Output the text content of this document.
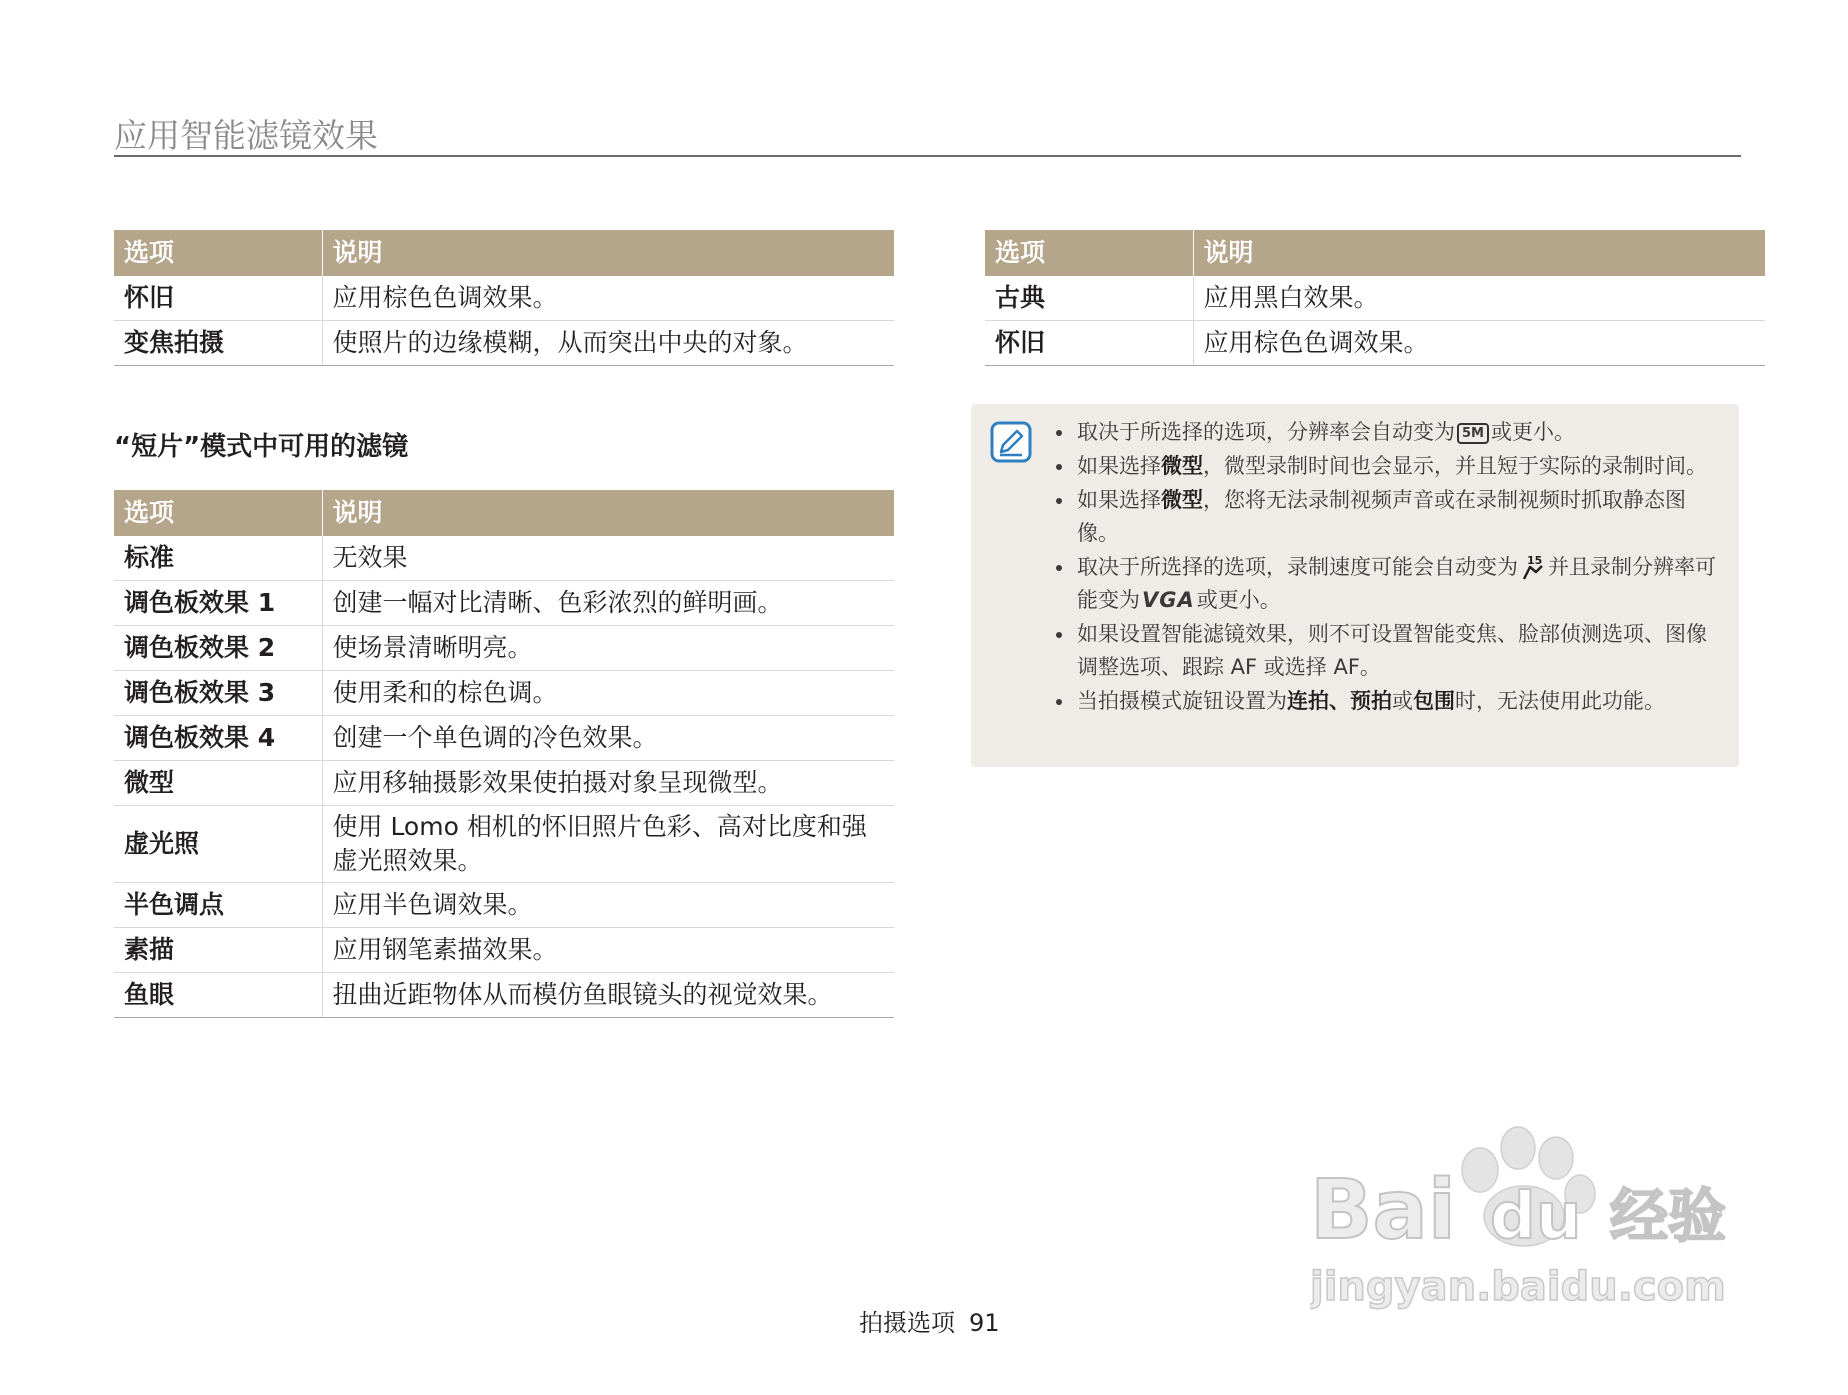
应用智能滤镜效果
选项	说明
怀旧	应用棕色色调效果。
变焦拍摄	使照片的边缘模糊，从而突出中央的对象。
选项	说明
古典	应用黑白效果。
怀旧	应用棕色色调效果。
“短片”模式中可用的滤镜
选项	说明
标准	无效果
调色板效果 1	创建一幅对比清晰、色彩浓烈的鲜明画。
调色板效果 2	使场景清晰明亮。
调色板效果 3	使用柔和的棕色调。
调色板效果 4	创建一个单色调的冷色效果。
微型	应用移轴摄影效果使拍摄对象呈现微型。
虚光照	使用 Lomo 相机的怀旧照片色彩、高对比度和强虚光照效果。
半色调点	应用半色调效果。
素描	应用钢笔素描效果。
鱼眼	扭曲近距物体从而模仿鱼眼镜头的视觉效果。
取决于所选择的选项，分辨率会自动变为 5M 或更小。
如果选择微型，微型录制时间也会显示，并且短于实际的录制时间。
如果选择微型，您将无法录制视频声音或在录制视频时抓取静态图像。
取决于所选择的选项，录制速度可能会自动变为 15 并且录制分辨率可能变为VGA或更小。
如果设置智能滤镜效果，则不可设置智能变焦、脸部侦测选项、图像调整选项、跟踪 AF 或选择 AF。
当拍摄模式旋钮设置为连拍、预拍或包围时，无法使用此功能。
拍摄选项 91
Bai du 经验
jingyan.baidu.com
